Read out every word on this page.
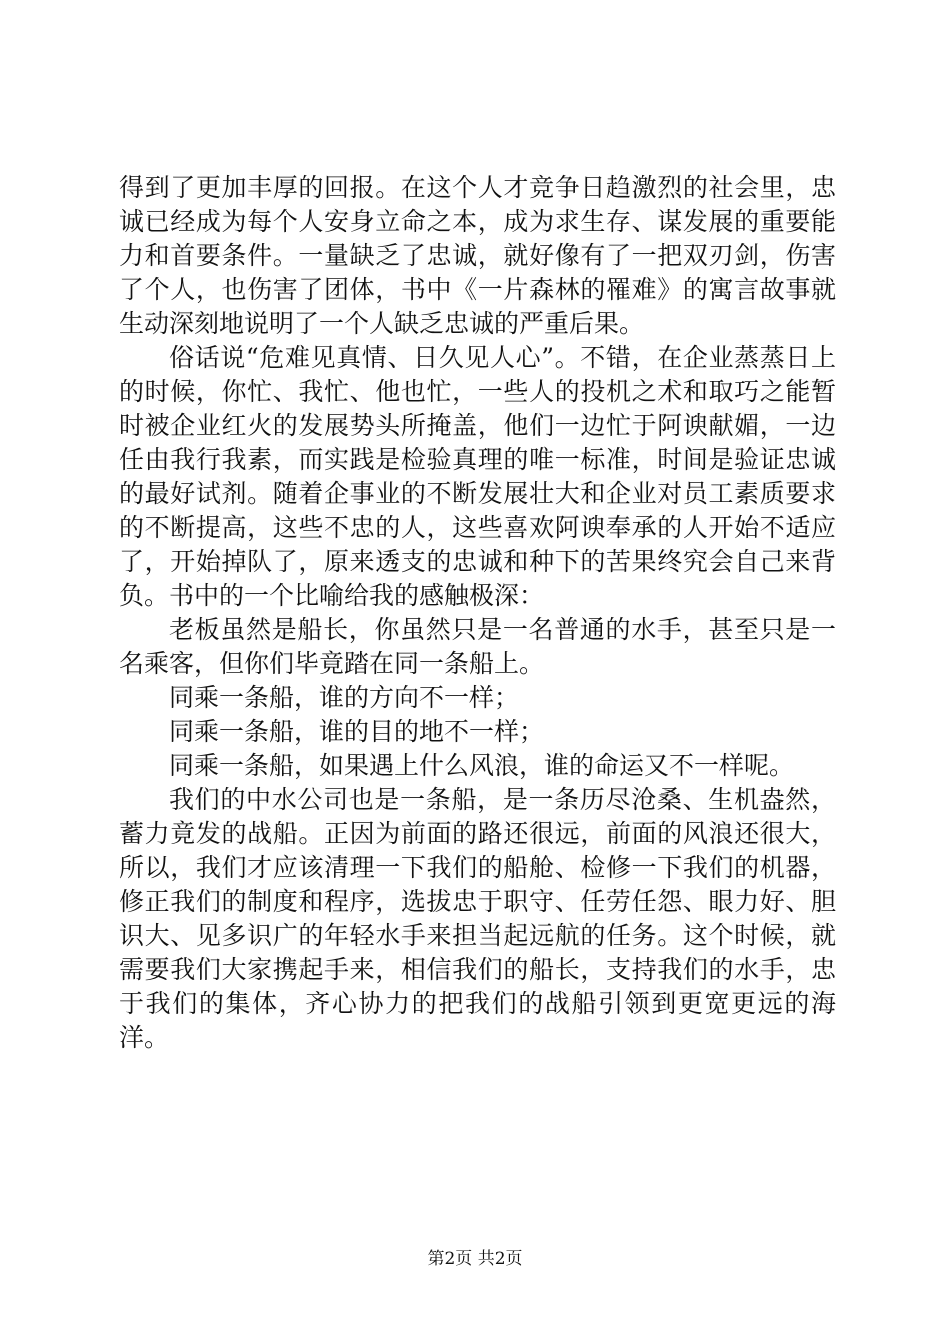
得到了更加丰厚的回报。在这个人才竞争日趋激烈的社会里，忠诚已经成为每个人安身立命之本，成为求生存、谋发展的重要能力和首要条件。一量缺乏了忠诚，就好像有了一把双刃剑，伤害了个人，也伤害了团体，书中《一片森林的罹难》的寓言故事就生动深刻地说明了一个人缺乏忠诚的严重后果。

俗话说“危难见真情、日久见人心”。不错，在企业蒸蒸日上的时候，你忙、我忙、他也忙，一些人的投机之术和取巧之能暂时被企业红火的发展势头所掩盖，他们一边忙于阿谀献媚，一边任由我行我素，而实践是检验真理的唯一标准，时间是验证忠诚的最好试剂。随着企事业的不断发展壮大和企业对员工素质要求的不断提高，这些不忠的人，这些喜欢阿谀奉承的人开始不适应了，开始掉队了，原来透支的忠诚和种下的苦果终究会自己来背负。书中的一个比喻给我的感触极深：

老板虽然是船长，你虽然只是一名普通的水手，甚至只是一名乘客，但你们毕竟踏在同一条船上。

同乘一条船，谁的方向不一样；

同乘一条船，谁的目的地不一样；

同乘一条船，如果遇上什么风浪，谁的命运又不一样呢。

我们的中水公司也是一条船，是一条历尽沧桑、生机盎然，蓄力竟发的战船。正因为前面的路还很远，前面的风浪还很大，所以，我们才应该清理一下我们的船舱、检修一下我们的机器，修正我们的制度和程序，选拔忠于职守、任劳任怨、眼力好、胆识大、见多识广的年轻水手来担当起远航的任务。这个时候，就需要我们大家携起手来，相信我们的船长，支持我们的水手，忠于我们的集体，齐心协力的把我们的战船引领到更宽更远的海洋。

第2页 共2页
